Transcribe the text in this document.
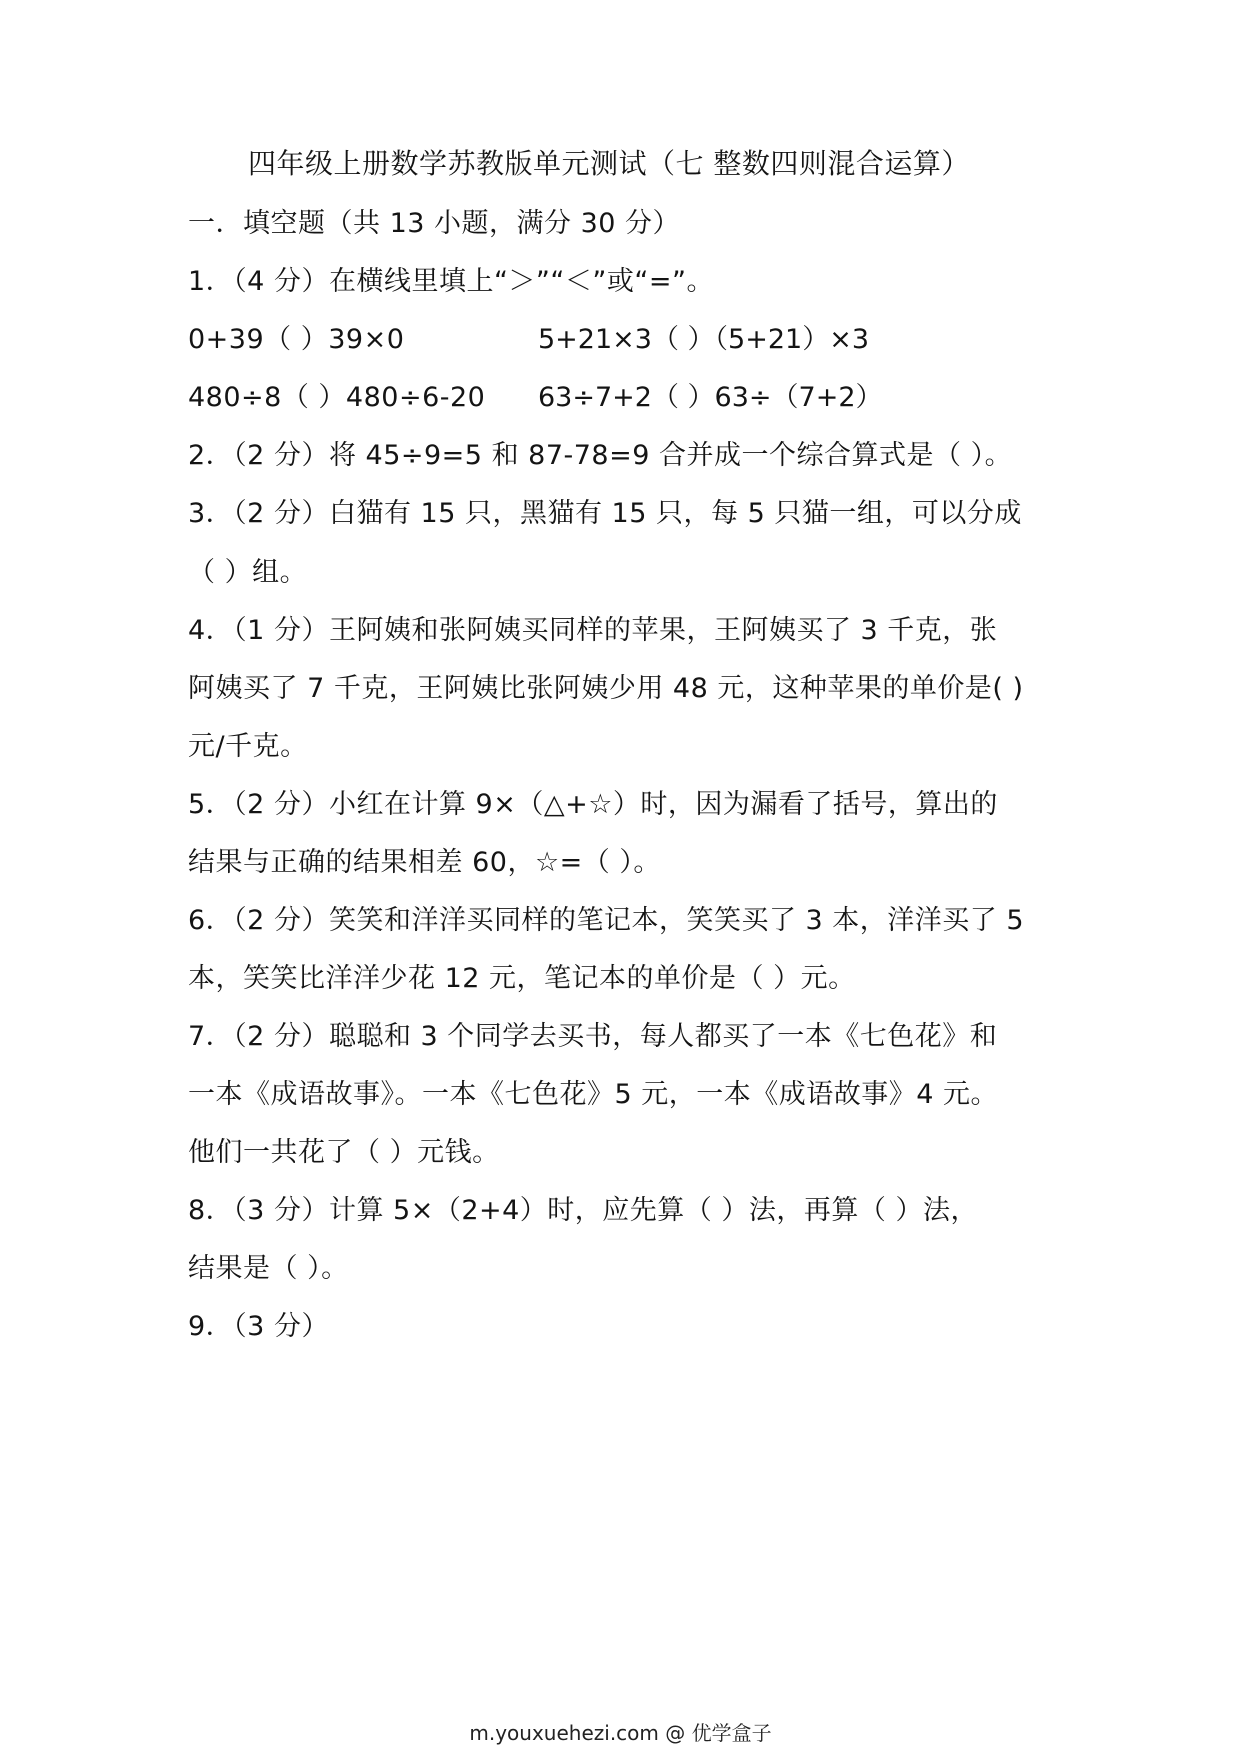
四年级上册数学苏教版单元测试（七 整数四则混合运算）
一．填空题（共 13 小题，满分 30 分）
1．（4 分）在横线里填上“＞”“＜”或“=”。
0+39（ ）39×0	5+21×3（ ）（5+21）×3
480÷8（ ）480÷6-20 63÷7+2（ ）63÷（7+2）
2．（2 分）将 45÷9=5 和 87-78=9 合并成一个综合算式是（ ）。
3．（2 分）白猫有 15 只，黑猫有 15 只，每 5 只猫一组，可以分成
（ ）组。
4．（1 分）王阿姨和张阿姨买同样的苹果，王阿姨买了 3 千克，张
阿姨买了 7 千克，王阿姨比张阿姨少用 48 元，这种苹果的单价是( )
元/千克。
5．（2 分）小红在计算 9×（△+☆）时，因为漏看了括号，算出的
结果与正确的结果相差 60，☆=（ ）。
6．（2 分）笑笑和洋洋买同样的笔记本，笑笑买了 3 本，洋洋买了 5
本，笑笑比洋洋少花 12 元，笔记本的单价是（ ）元。
7．（2 分）聪聪和 3 个同学去买书，每人都买了一本《七色花》和
一本《成语故事》。一本《七色花》5 元，一本《成语故事》4 元。
他们一共花了（ ）元钱。
8．（3 分）计算 5×（2+4）时，应先算（ ）法，再算（ ）法，
结果是（ ）。
9．（3 分）
m.youxuehezi.com @ 优学盒子
